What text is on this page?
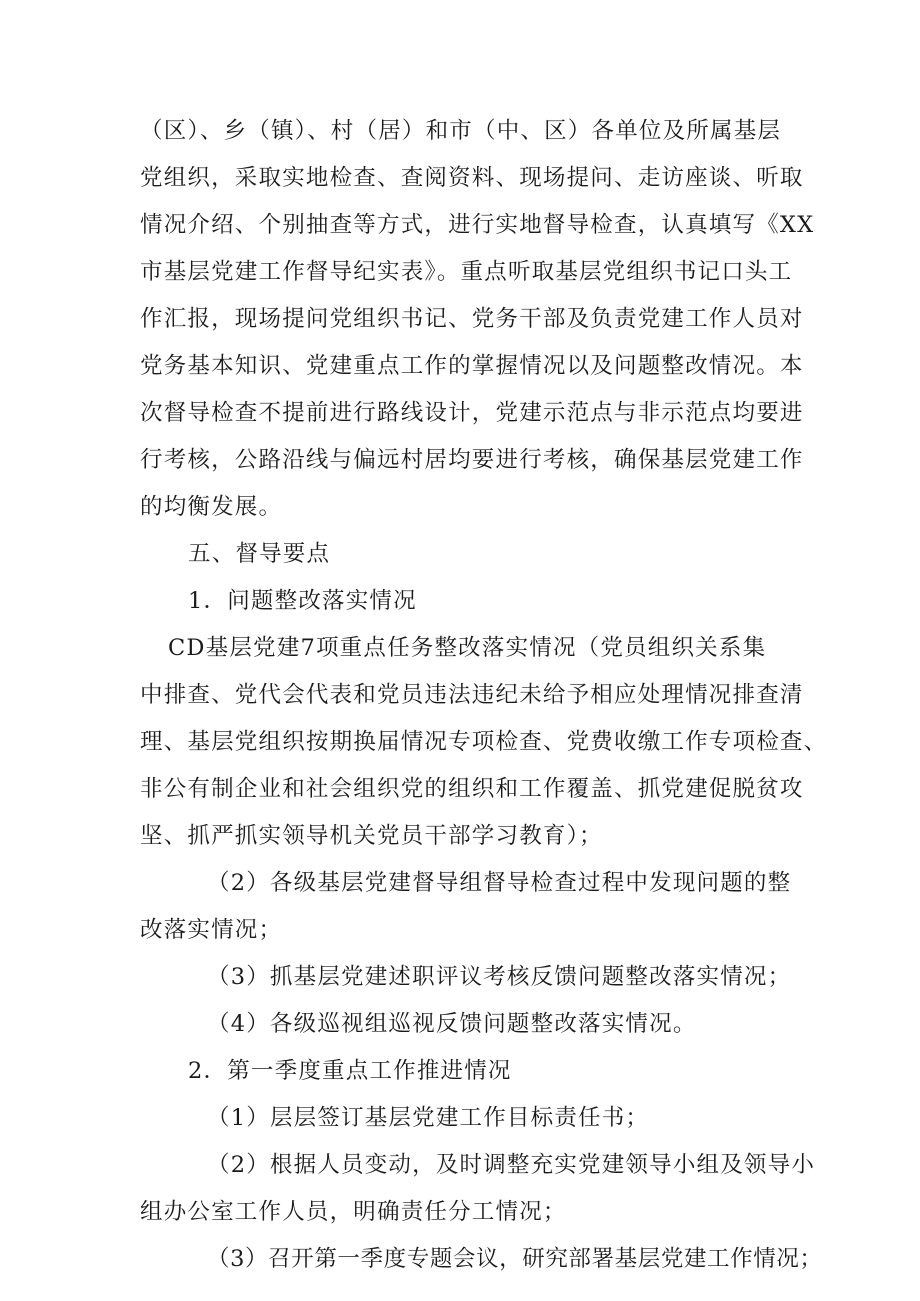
（区）、乡（镇）、村（居）和市（中、区）各单位及所属基层
党组织，采取实地检查、查阅资料、现场提问、走访座谈、听取
情况介绍、个别抽查等方式，进行实地督导检查，认真填写《XX
市基层党建工作督导纪实表》。重点听取基层党组织书记口头工
作汇报，现场提问党组织书记、党务干部及负责党建工作人员对
党务基本知识、党建重点工作的掌握情况以及问题整改情况。本
次督导检查不提前进行路线设计，党建示范点与非示范点均要进
行考核，公路沿线与偏远村居均要进行考核，确保基层党建工作
的均衡发展。
五、督导要点
1．问题整改落实情况
CD基层党建7项重点任务整改落实情况（党员组织关系集
中排查、党代会代表和党员违法违纪未给予相应处理情况排查清
理、基层党组织按期换届情况专项检查、党费收缴工作专项检查、
非公有制企业和社会组织党的组织和工作覆盖、抓党建促脱贫攻
坚、抓严抓实领导机关党员干部学习教育）；
（2）各级基层党建督导组督导检查过程中发现问题的整
改落实情况；
（3）抓基层党建述职评议考核反馈问题整改落实情况；
（4）各级巡视组巡视反馈问题整改落实情况。
2．第一季度重点工作推进情况
（1）层层签订基层党建工作目标责任书；
（2）根据人员变动，及时调整充实党建领导小组及领导小
组办公室工作人员，明确责任分工情况；
（3）召开第一季度专题会议，研究部署基层党建工作情况；
